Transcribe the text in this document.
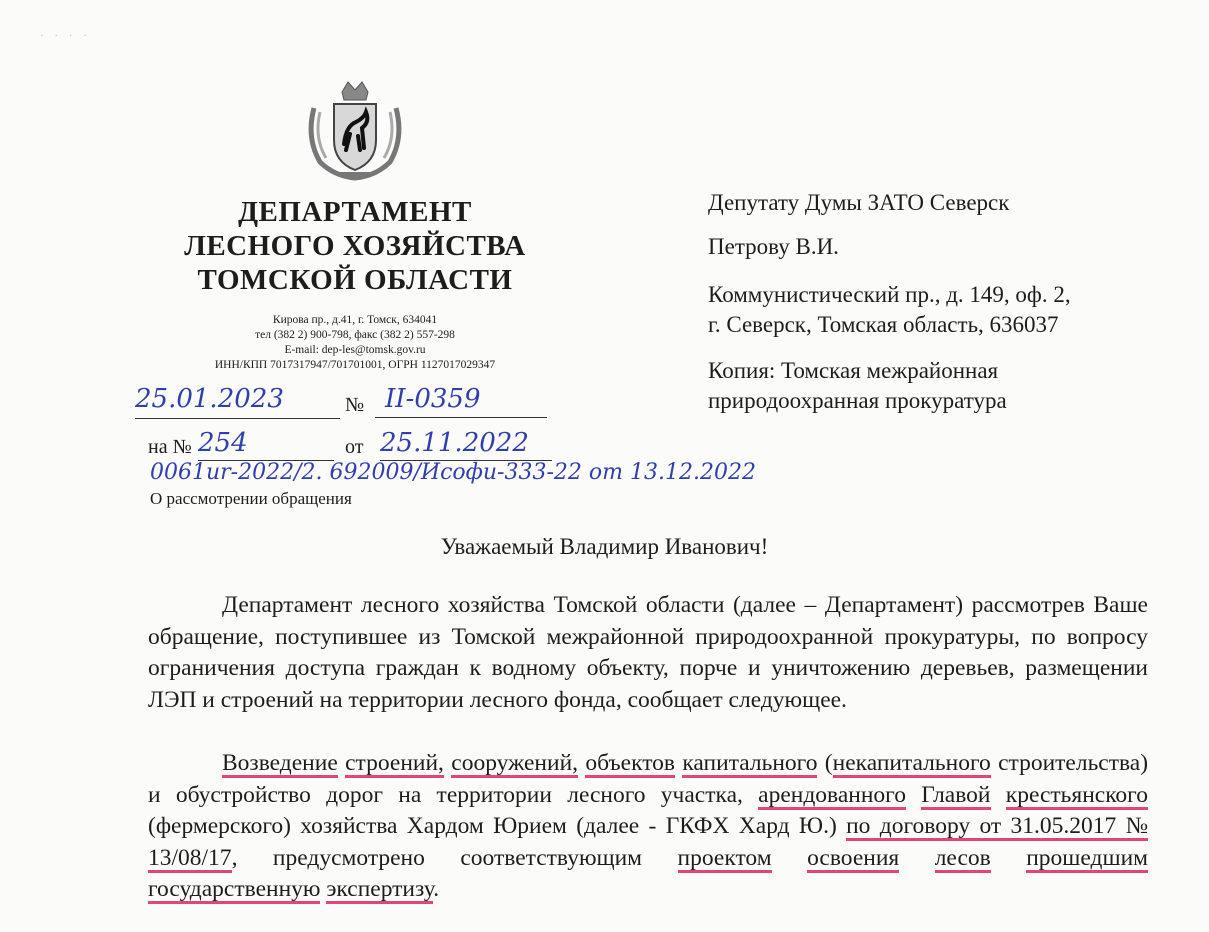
· · · ·
ДЕПАРТАМЕНТ
ЛЕСНОГО ХОЗЯЙСТВА
ТОМСКОЙ ОБЛАСТИ
Кирова пр., д.41, г. Томск, 634041
тел (382 2) 900-798, факс (382 2) 557-298
E-mail: dep-les@tomsk.gov.ru
ИНН/КПП 7017317947/701701001, ОГРН 1127017029347
25.01.2023	№ II-0359
на № 254	от 25.11.2022
0061ur-2022/2. 692009/Исофи-333-22 от 13.12.2022
О рассмотрении обращения
Депутату Думы ЗАТО Северск
Петрову В.И.
Коммунистический пр., д. 149, оф. 2,
г. Северск, Томская область, 636037
Копия: Томская межрайонная
природоохранная прокуратура
Уважаемый Владимир Иванович!
Департамент лесного хозяйства Томской области (далее – Департамент) рассмотрев Ваше обращение, поступившее из Томской межрайонной природоохранной прокуратуры, по вопросу ограничения доступа граждан к водному объекту, порче и уничтожению деревьев, размещении ЛЭП и строений на территории лесного фонда, сообщает следующее.
Возведение строений, сооружений, объектов капитального (некапитального строительства) и обустройство дорог на территории лесного участка, арендованного Главой крестьянского (фермерского) хозяйства Хардом Юрием (далее - ГКФХ Хард Ю.) по договору от 31.05.2017 № 13/08/17, предусмотрено соответствующим проектом освоения лесов прошедшим государственную экспертизу.
